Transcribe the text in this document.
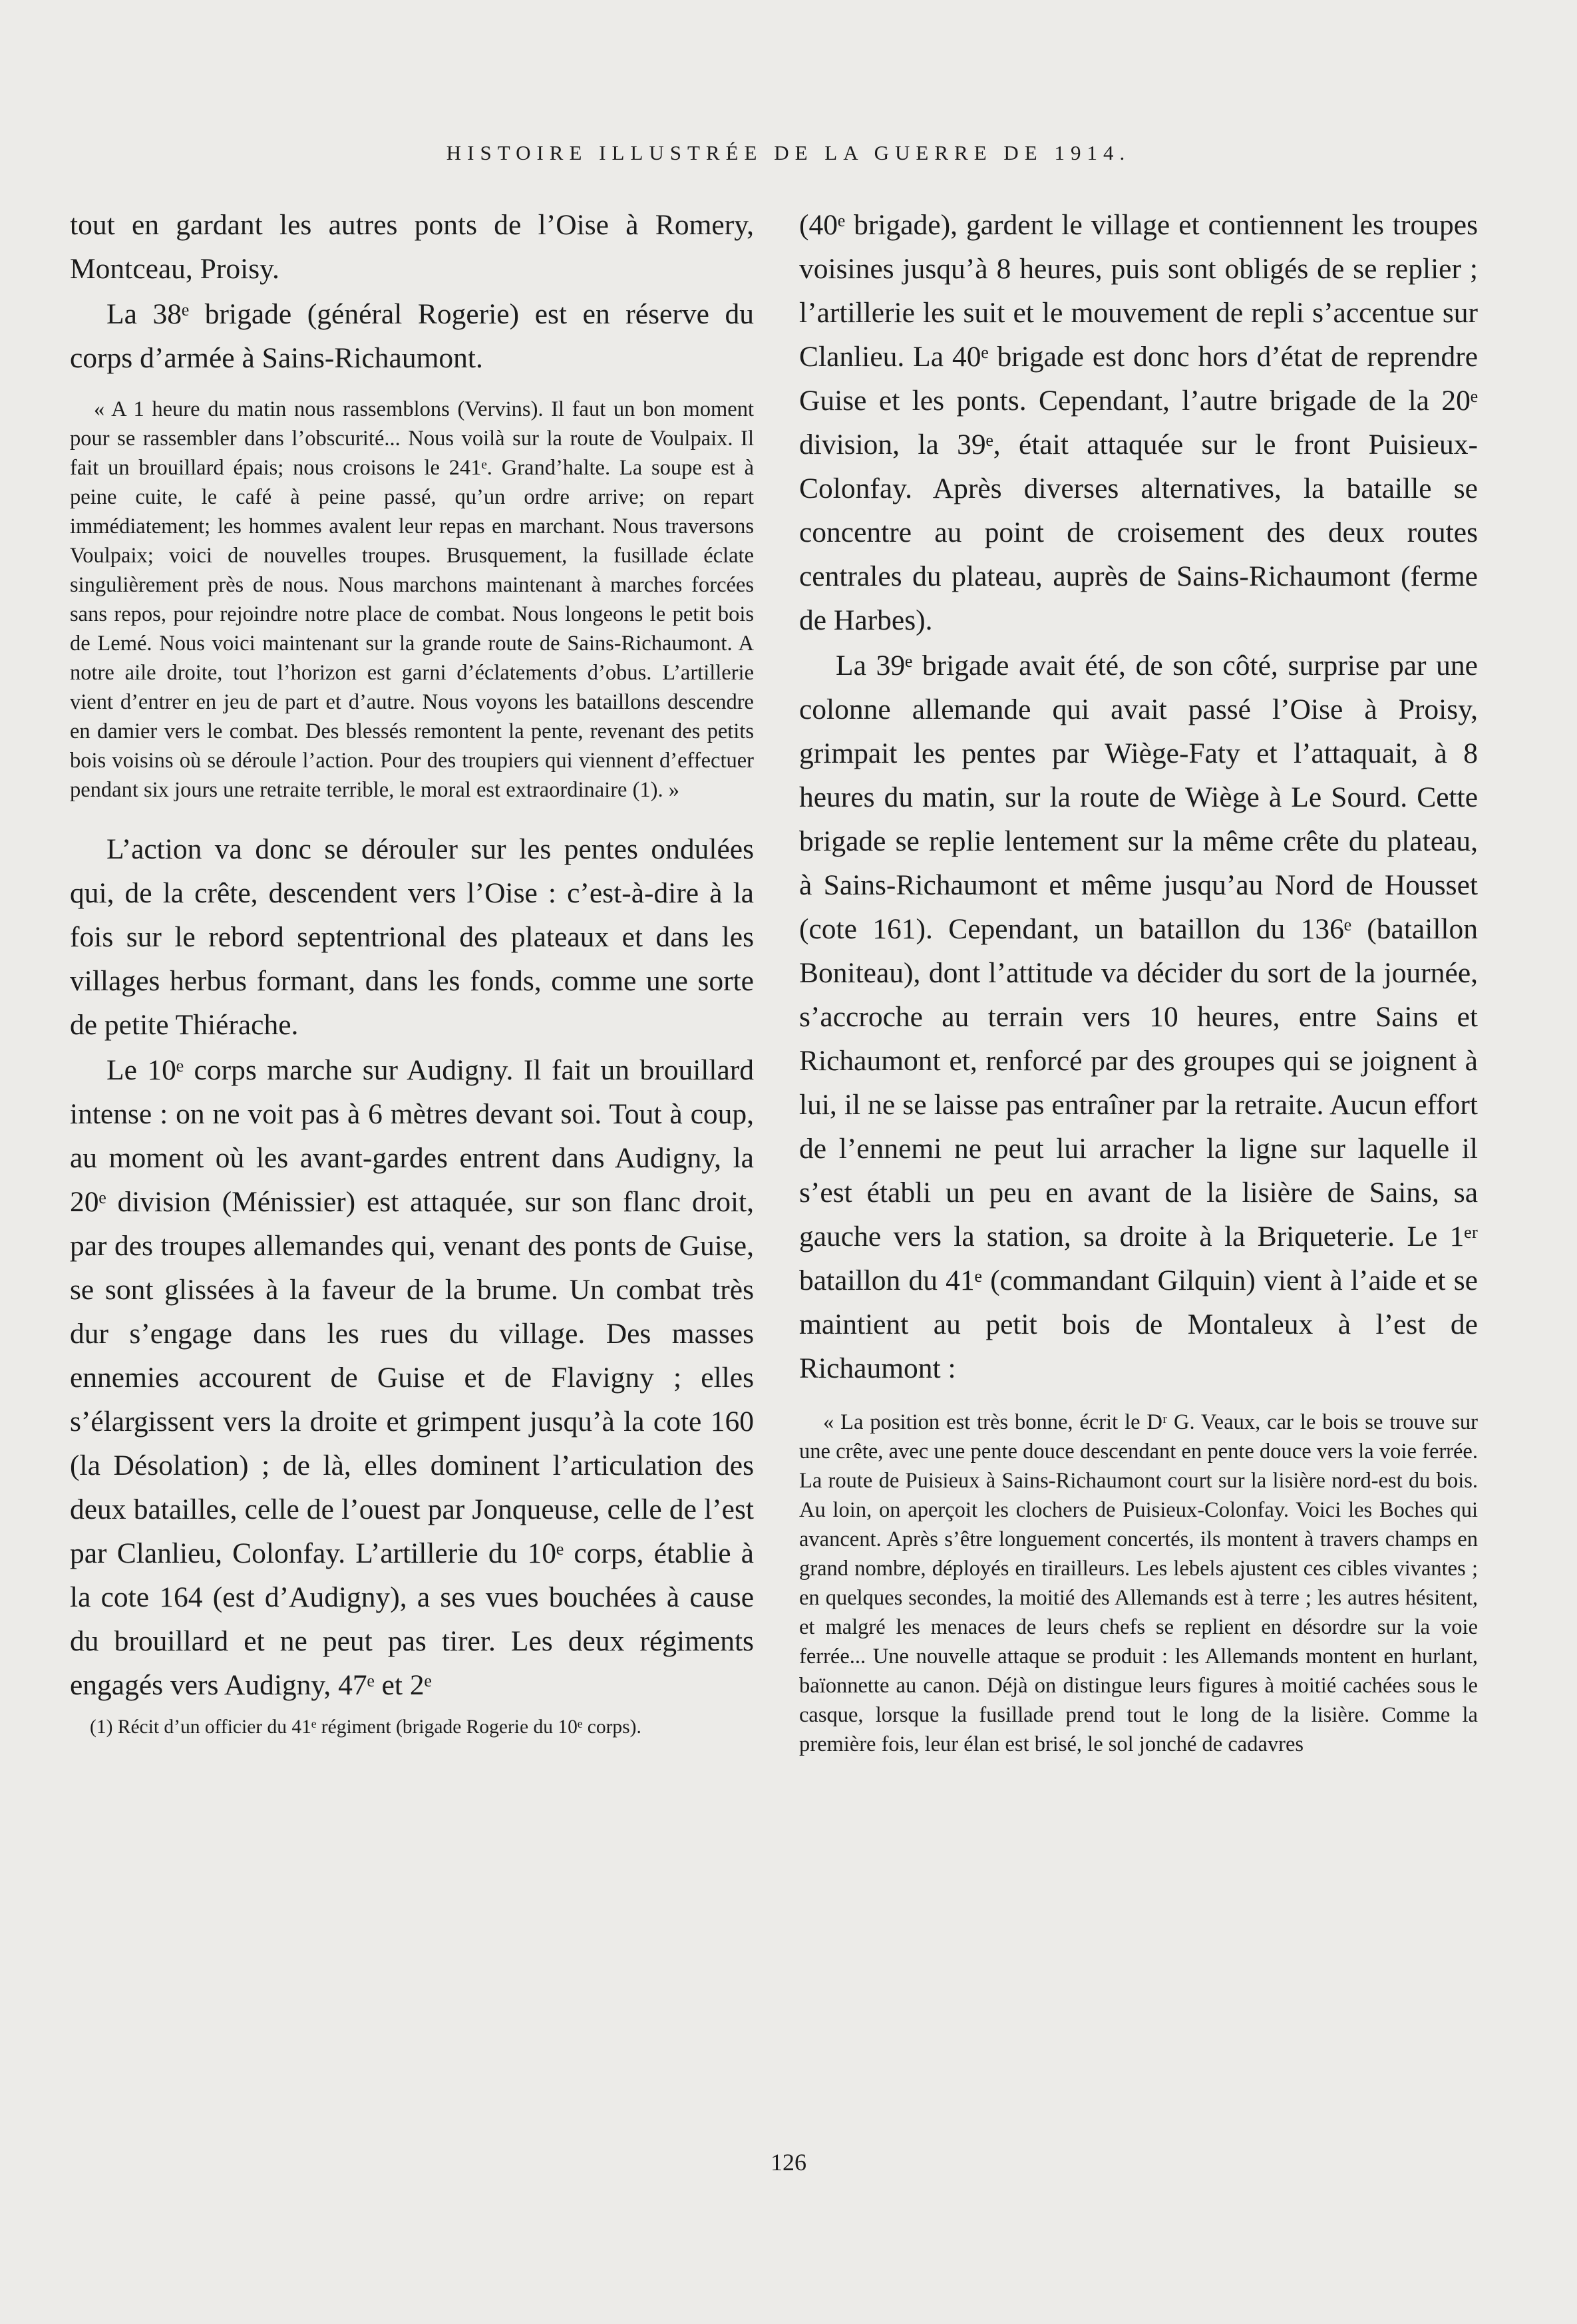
HISTOIRE ILLUSTRÉE DE LA GUERRE DE 1914.

tout en gardant les autres ponts de l’Oise à Romery, Montceau, Proisy.

La 38ᵉ brigade (général Rogerie) est en réserve du corps d’armée à Sains-Richaumont.

« A 1 heure du matin nous rassemblons (Vervins). Il faut un bon moment pour se rassembler dans l’obscurité... Nous voilà sur la route de Voulpaix. Il fait un brouillard épais; nous croisons le 241ᵉ. Grand’halte. La soupe est à peine cuite, le café à peine passé, qu’un ordre arrive; on repart immédiatement; les hommes avalent leur repas en marchant. Nous traversons Voulpaix; voici de nouvelles troupes. Brusquement, la fusillade éclate singulièrement près de nous. Nous marchons maintenant à marches forcées sans repos, pour rejoindre notre place de combat. Nous longeons le petit bois de Lemé. Nous voici maintenant sur la grande route de Sains-Richaumont. A notre aile droite, tout l’horizon est garni d’éclatements d’obus. L’artillerie vient d’entrer en jeu de part et d’autre. Nous voyons les bataillons descendre en damier vers le combat. Des blessés remontent la pente, revenant des petits bois voisins où se déroule l’action. Pour des troupiers qui viennent d’effectuer pendant six jours une retraite terrible, le moral est extraordinaire (1). »

L’action va donc se dérouler sur les pentes ondulées qui, de la crête, descendent vers l’Oise : c’est-à-dire à la fois sur le rebord septentrional des plateaux et dans les villages herbus formant, dans les fonds, comme une sorte de petite Thiérache.

Le 10ᵉ corps marche sur Audigny. Il fait un brouillard intense : on ne voit pas à 6 mètres devant soi. Tout à coup, au moment où les avant-gardes entrent dans Audigny, la 20ᵉ division (Ménissier) est attaquée, sur son flanc droit, par des troupes allemandes qui, venant des ponts de Guise, se sont glissées à la faveur de la brume. Un combat très dur s’engage dans les rues du village. Des masses ennemies accourent de Guise et de Flavigny ; elles s’élargissent vers la droite et grimpent jusqu’à la cote 160 (la Désolation) ; de là, elles dominent l’articulation des deux batailles, celle de l’ouest par Jonqueuse, celle de l’est par Clanlieu, Colonfay. L’artillerie du 10ᵉ corps, établie à la cote 164 (est d’Audigny), a ses vues bouchées à cause du brouillard et ne peut pas tirer. Les deux régiments engagés vers Audigny, 47ᵉ et 2ᵉ

(1) Récit d’un officier du 41ᵉ régiment (brigade Rogerie du 10ᵉ corps).

(40ᵉ brigade), gardent le village et contiennent les troupes voisines jusqu’à 8 heures, puis sont obligés de se replier ; l’artillerie les suit et le mouvement de repli s’accentue sur Clanlieu. La 40ᵉ brigade est donc hors d’état de reprendre Guise et les ponts. Cependant, l’autre brigade de la 20ᵉ division, la 39ᵉ, était attaquée sur le front Puisieux-Colonfay. Après diverses alternatives, la bataille se concentre au point de croisement des deux routes centrales du plateau, auprès de Sains-Richaumont (ferme de Harbes).

La 39ᵉ brigade avait été, de son côté, surprise par une colonne allemande qui avait passé l’Oise à Proisy, grimpait les pentes par Wiège-Faty et l’attaquait, à 8 heures du matin, sur la route de Wiège à Le Sourd. Cette brigade se replie lentement sur la même crête du plateau, à Sains-Richaumont et même jusqu’au Nord de Housset (cote 161). Cependant, un bataillon du 136ᵉ (bataillon Boniteau), dont l’attitude va décider du sort de la journée, s’accroche au terrain vers 10 heures, entre Sains et Richaumont et, renforcé par des groupes qui se joignent à lui, il ne se laisse pas entraîner par la retraite. Aucun effort de l’ennemi ne peut lui arracher la ligne sur laquelle il s’est établi un peu en avant de la lisière de Sains, sa gauche vers la station, sa droite à la Briqueterie. Le 1ᵉʳ bataillon du 41ᵉ (commandant Gilquin) vient à l’aide et se maintient au petit bois de Montaleux à l’est de Richaumont :

« La position est très bonne, écrit le Dʳ G. Veaux, car le bois se trouve sur une crête, avec une pente douce descendant en pente douce vers la voie ferrée. La route de Puisieux à Sains-Richaumont court sur la lisière nord-est du bois. Au loin, on aperçoit les clochers de Puisieux-Colonfay. Voici les Boches qui avancent. Après s’être longuement concertés, ils montent à travers champs en grand nombre, déployés en tirailleurs. Les lebels ajustent ces cibles vivantes ; en quelques secondes, la moitié des Allemands est à terre ; les autres hésitent, et malgré les menaces de leurs chefs se replient en désordre sur la voie ferrée... Une nouvelle attaque se produit : les Allemands montent en hurlant, baïonnette au canon. Déjà on distingue leurs figures à moitié cachées sous le casque, lorsque la fusillade prend tout le long de la lisière. Comme la première fois, leur élan est brisé, le sol jonché de cadavres

126
